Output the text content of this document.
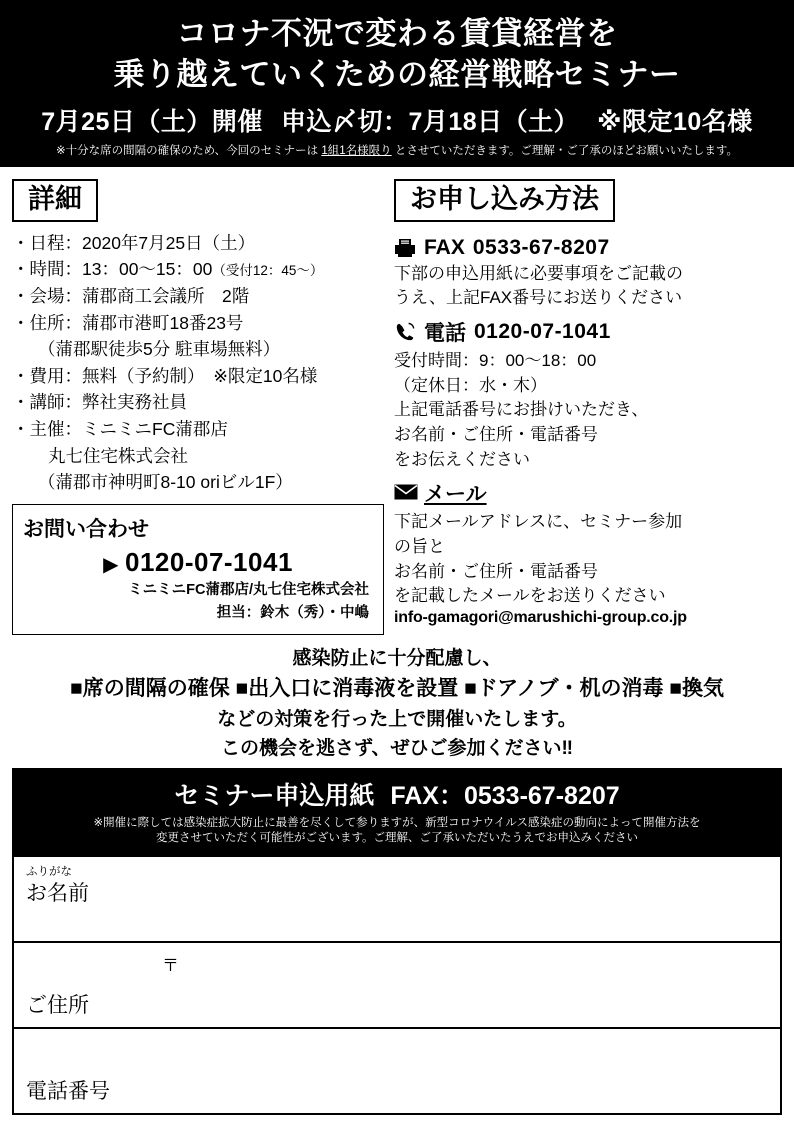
コロナ不況で変わる賃貸経営を
乗り越えていくための経営戦略セミナー
7月25日（土）開催 申込〆切：7月18日（土） ※限定10名様
※十分な席の間隔の確保のため、今回のセミナーは 1組1名様限り とさせていただきます。ご理解・ご了承のほどお願いいたします。
詳細
・日程：2020年7月25日（土）
・時間：13：00〜15：00（受付12：45〜）
・会場：蒲郡商工会議所　2階
・住所：蒲郡市港町18番23号
（蒲郡駅徒歩5分 駐車場無料）
・費用：無料（予約制）　※限定10名様
・講師：弊社実務社員
・主催：ミニミニFC蒲郡店
丸七住宅株式会社
（蒲郡市神明町8-10 oriビル1F）
お問い合わせ
▶ 0120-07-1041
ミニミニFC蒲郡店/丸七住宅株式会社
担当：鈴木（秀）・中嶋
お申し込み方法
FAX 0533-67-8207
下部の申込用紙に必要事項をご記載の
うえ、上記FAX番号にお送りください
電話 0120-07-1041
受付時間：9：00〜18：00
（定休日：水・木）
上記電話番号にお掛けいただき、
お名前・ご住所・電話番号
をお伝えください
メール
下記メールアドレスに、セミナー参加
の旨と
お名前・ご住所・電話番号
を記載したメールをお送りください
info-gamagori@marushichi-group.co.jp
感染防止に十分配慮し、
■席の間隔の確保 ■出入口に消毒液を設置 ■ドアノブ・机の消毒 ■換気
などの対策を行った上で開催いたします。
この機会を逃さず、ぜひご参加ください‼
セミナー申込用紙 FAX：0533-67-8207
※開催に際しては感染症拡大防止に最善を尽くして参りますが、新型コロナウイルス感染症の動向によって開催方法を
変更させていただく可能性がございます。ご理解、ご了承いただいたうえでお申込みください
ふりがな
お名前
〒
ご住所
電話番号
